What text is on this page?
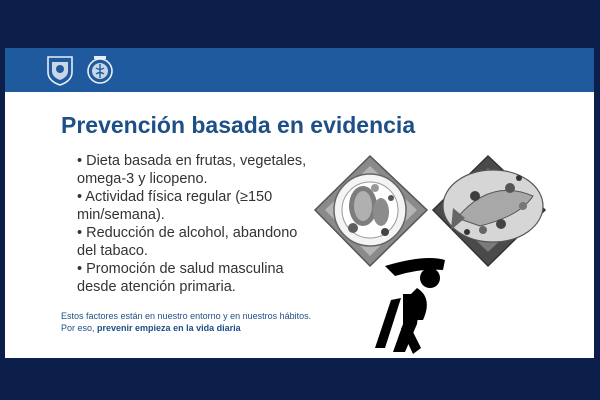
Prevención basada en evidencia
• Dieta basada en frutas, vegetales, omega-3 y licopeno.
• Actividad física regular (≥150 min/semana).
• Reducción de alcohol, abandono del tabaco.
• Promoción de salud masculina desde atención primaria.
Estos factores están en nuestro entorno y en nuestros hábitos.
Por eso, prevenir empieza en la vida diaria
